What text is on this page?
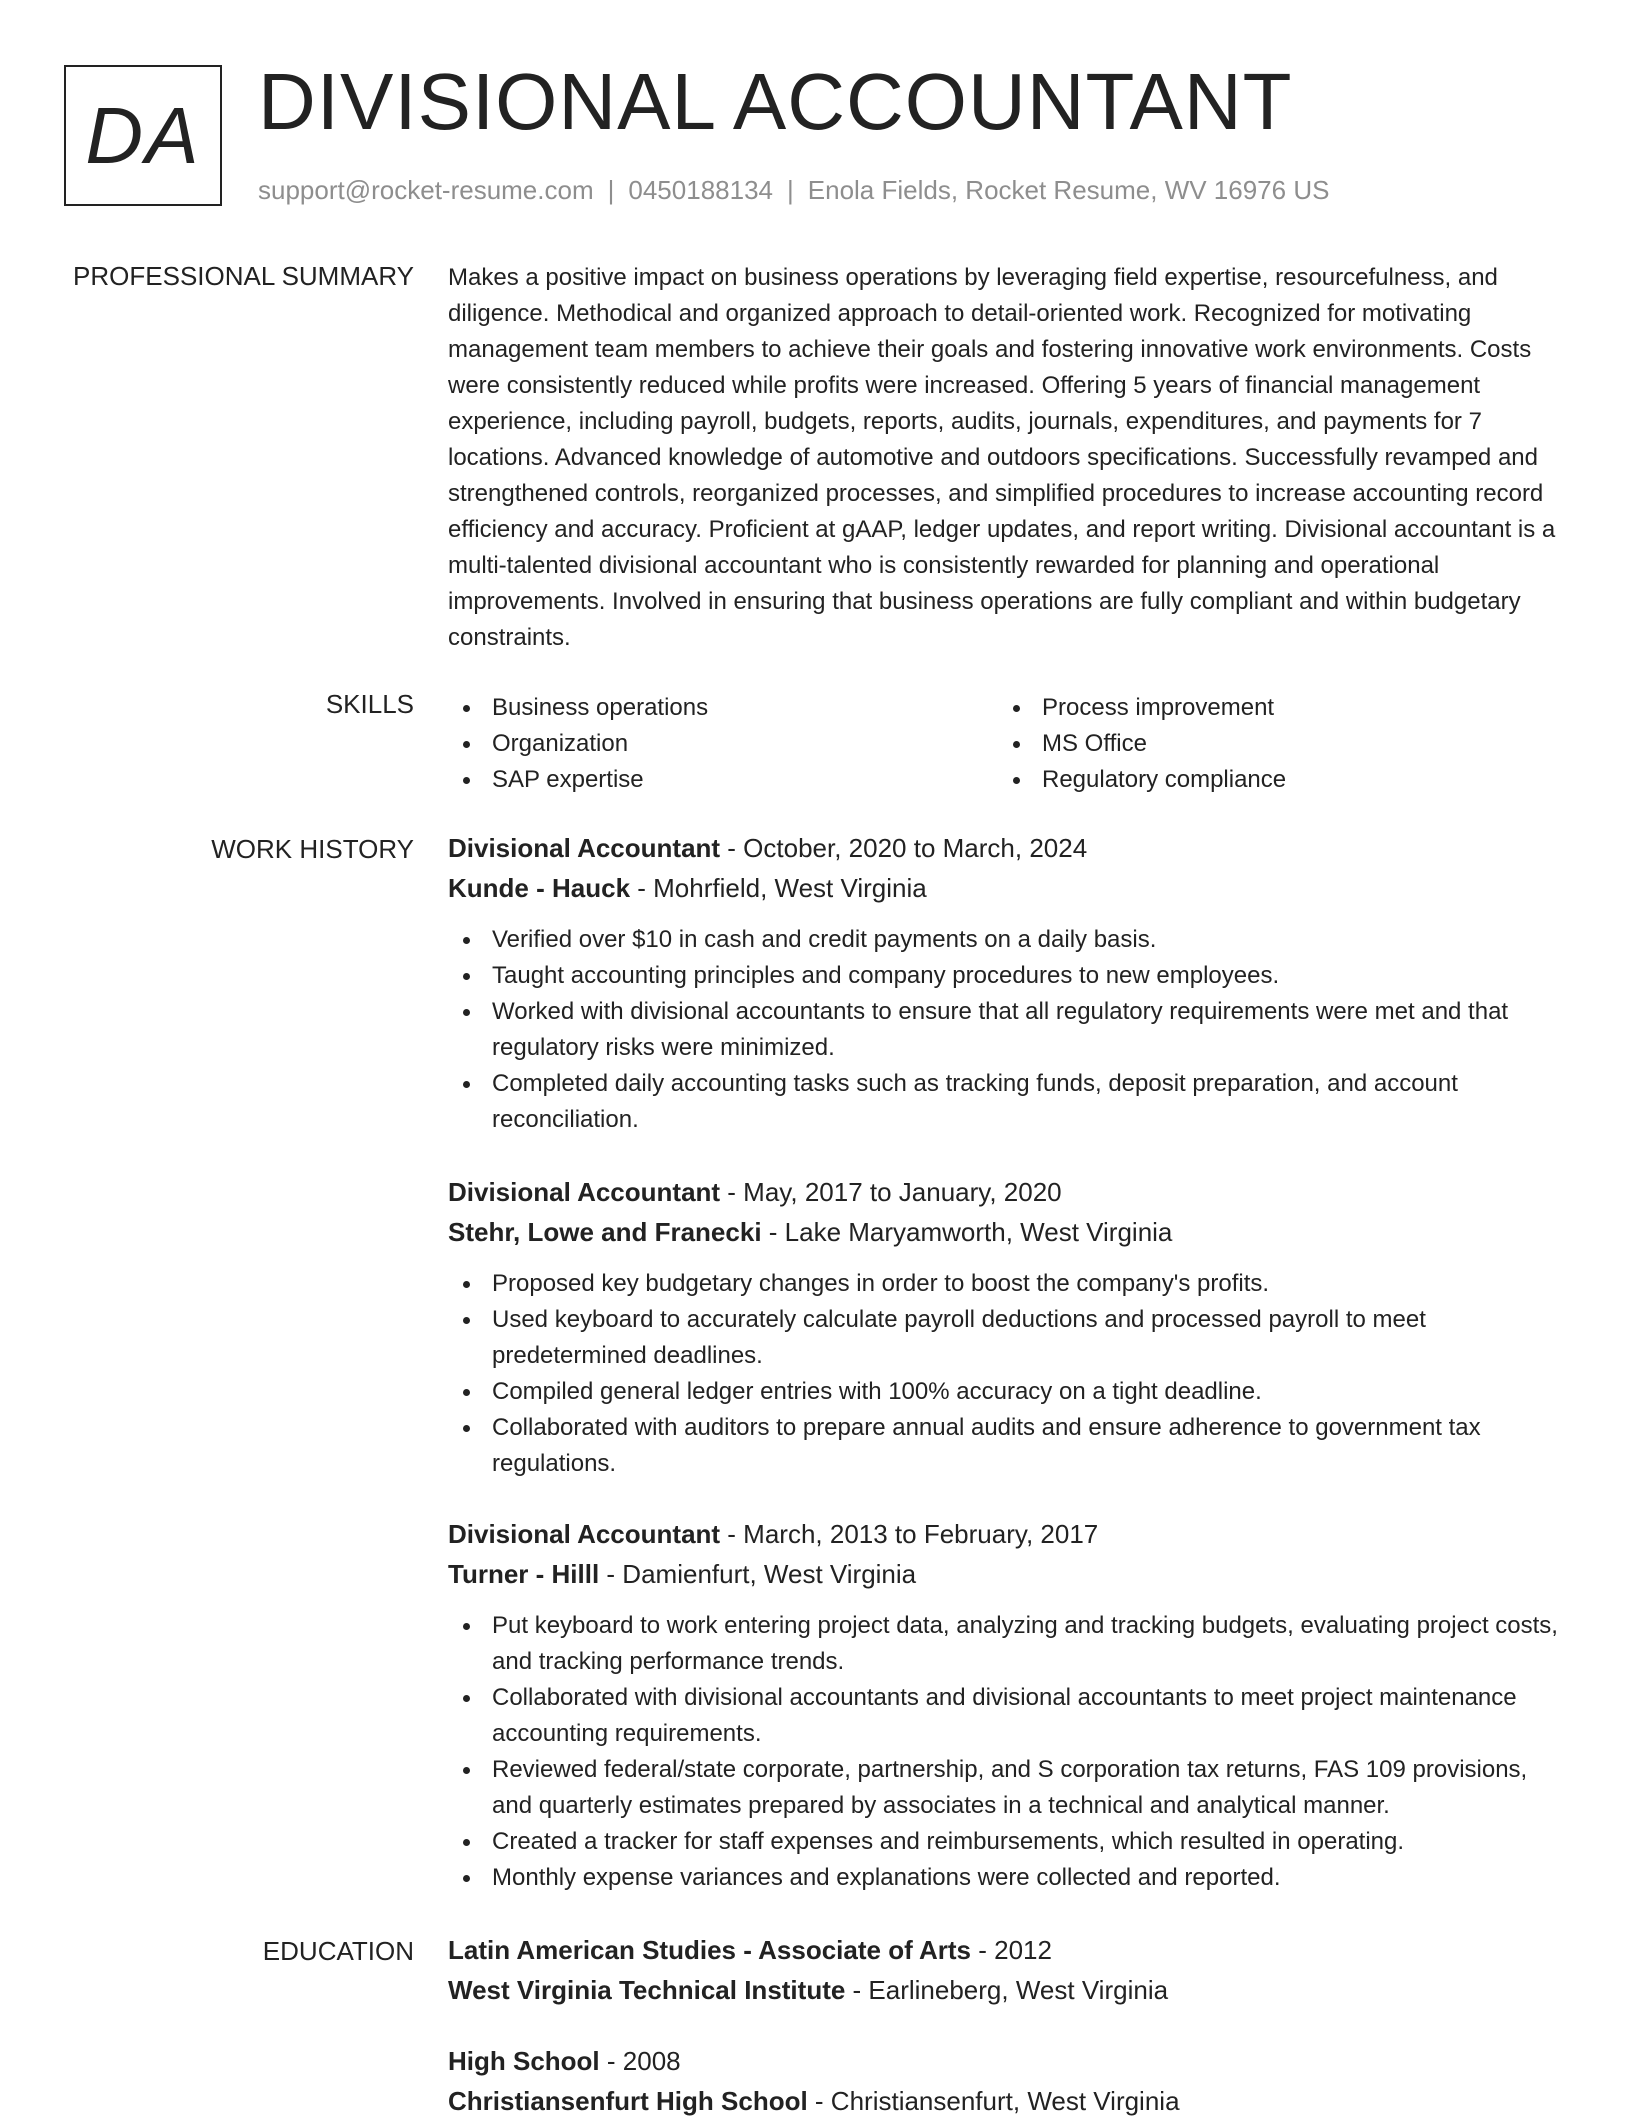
DA DIVISIONAL ACCOUNTANT
support@rocket-resume.com | 0450188134 | Enola Fields, Rocket Resume, WV 16976 US
PROFESSIONAL SUMMARY Makes a positive impact on business operations by leveraging field expertise, resourcefulness, and diligence. Methodical and organized approach to detail-oriented work. Recognized for motivating management team members to achieve their goals and fostering innovative work environments. Costs were consistently reduced while profits were increased. Offering 5 years of financial management experience, including payroll, budgets, reports, audits, journals, expenditures, and payments for 7 locations. Advanced knowledge of automotive and outdoors specifications. Successfully revamped and strengthened controls, reorganized processes, and simplified procedures to increase accounting record efficiency and accuracy. Proficient at gAAP, ledger updates, and report writing. Divisional accountant is a multi-talented divisional accountant who is consistently rewarded for planning and operational improvements. Involved in ensuring that business operations are fully compliant and within budgetary constraints.

SKILLS	Business operations
Organization
SAP expertise
Process improvement
MS Office
Regulatory compliance
WORK HISTORY Divisional Accountant - October, 2020 to March, 2024
Kunde - Hauck - Mohrfield, West Virginia
Verified over $10 in cash and credit payments on a daily basis.
Taught accounting principles and company procedures to new employees.
Worked with divisional accountants to ensure that all regulatory requirements were met and that regulatory risks were minimized.
Completed daily accounting tasks such as tracking funds, deposit preparation, and account reconciliation.
Divisional Accountant - May, 2017 to January, 2020
Stehr, Lowe and Franecki - Lake Maryamworth, West Virginia
Proposed key budgetary changes in order to boost the company's profits.
Used keyboard to accurately calculate payroll deductions and processed payroll to meet predetermined deadlines.
Compiled general ledger entries with 100% accuracy on a tight deadline.
Collaborated with auditors to prepare annual audits and ensure adherence to government tax regulations.
Divisional Accountant - March, 2013 to February, 2017
Turner - Hilll - Damienfurt, West Virginia
Put keyboard to work entering project data, analyzing and tracking budgets, evaluating project costs, and tracking performance trends.
Collaborated with divisional accountants and divisional accountants to meet project maintenance accounting requirements.
Reviewed federal/state corporate, partnership, and S corporation tax returns, FAS 109 provisions, and quarterly estimates prepared by associates in a technical and analytical manner.
Created a tracker for staff expenses and reimbursements, which resulted in operating.
Monthly expense variances and explanations were collected and reported.
EDUCATION Latin American Studies - Associate of Arts - 2012
West Virginia Technical Institute - Earlineberg, West Virginia
High School - 2008
Christiansenfurt High School - Christiansenfurt, West Virginia
